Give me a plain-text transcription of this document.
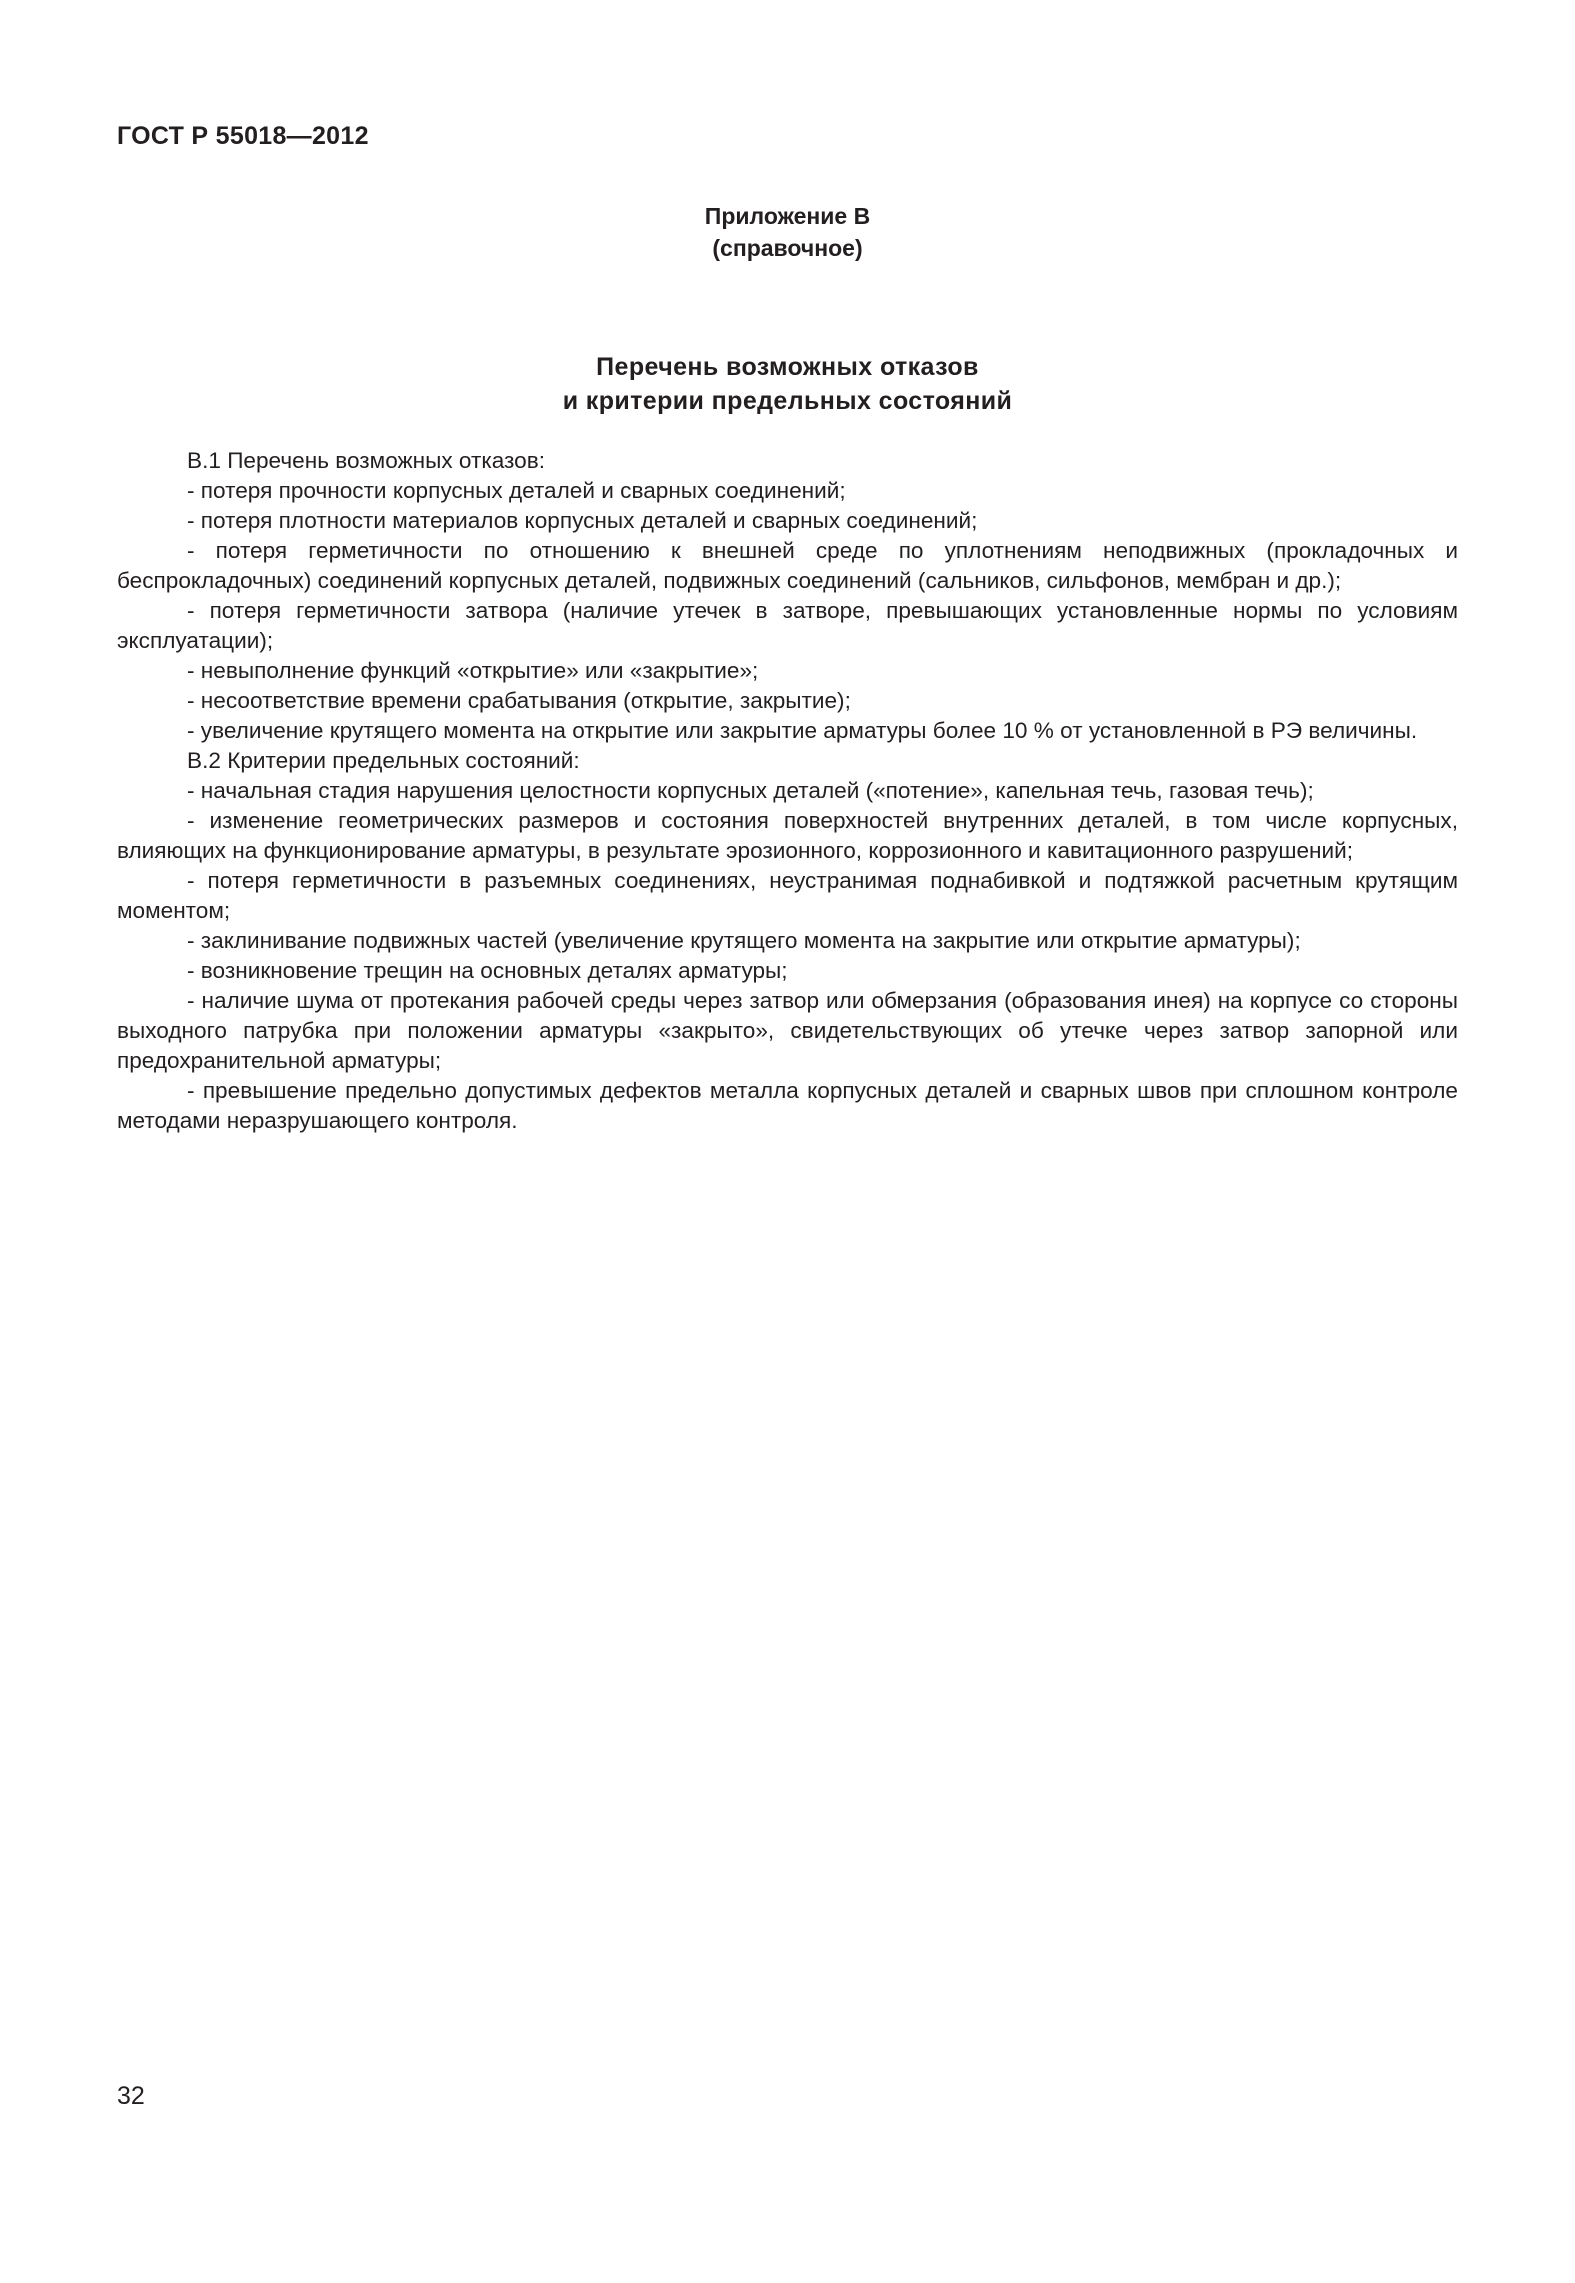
ГОСТ Р 55018—2012
Приложение В
(справочное)
Перечень возможных отказов
и критерии предельных состояний

В.1 Перечень возможных отказов:

- потеря прочности корпусных деталей и сварных соединений;

- потеря плотности материалов корпусных деталей и сварных соединений;

- потеря герметичности по отношению к внешней среде по уплотнениям неподвижных (прокладочных и беспрокладочных) соединений корпусных деталей, подвижных соединений (сальников, сильфонов, мембран и др.);

- потеря герметичности затвора (наличие утечек в затворе, превышающих установленные нормы по условиям эксплуатации);

- невыполнение функций «открытие» или «закрытие»;

- несоответствие времени срабатывания (открытие, закрытие);

- увеличение крутящего момента на открытие или закрытие арматуры более 10 % от установленной в РЭ величины.

В.2 Критерии предельных состояний:

- начальная стадия нарушения целостности корпусных деталей («потение», капельная течь, газовая течь);

- изменение геометрических размеров и состояния поверхностей внутренних деталей, в том числе корпусных, влияющих на функционирование арматуры, в результате эрозионного, коррозионного и кавитационного разрушений;

- потеря герметичности в разъемных соединениях, неустранимая поднабивкой и подтяжкой расчетным крутящим моментом;

- заклинивание подвижных частей (увеличение крутящего момента на закрытие или открытие арматуры);

- возникновение трещин на основных деталях арматуры;

- наличие шума от протекания рабочей среды через затвор или обмерзания (образования инея) на корпусе со стороны выходного патрубка при положении арматуры «закрыто», свидетельствующих об утечке через затвор запорной или предохранительной арматуры;

- превышение предельно допустимых дефектов металла корпусных деталей и сварных швов при сплошном контроле методами неразрушающего контроля.

32
